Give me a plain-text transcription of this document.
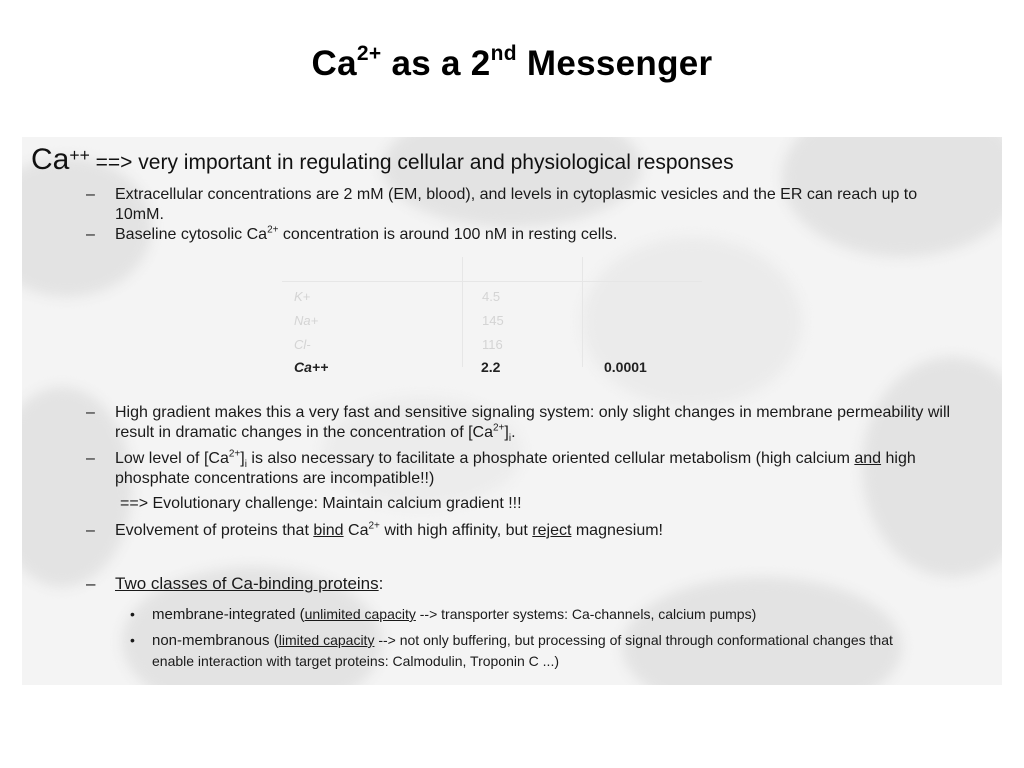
$Ca^{2+}$ as a 2nd Messenger
Ca++ ==> very important in regulating cellular and physiological responses
– Extracellular concentrations are 2 mM (EM, blood), and levels in cytoplasmic vesicles and the ER can reach up to 10mM.
– Baseline cytosolic $Ca^{2+}$ concentration is around 100 nM in resting cells.
K+	4.5
Na+	145
Cl-	116
Ca++	2.2	0.0001
– High gradient makes this a very fast and sensitive signaling system: only slight changes in membrane permeability will result in dramatic changes in the concentration of $[Ca^{2+}]_i$.
– Low level of $[Ca^{2+}]_i$ is also necessary to facilitate a phosphate oriented cellular metabolism (high calcium and high phosphate concentrations are incompatible!!)
==> Evolutionary challenge: Maintain calcium gradient !!!
– Evolvement of proteins that bind $Ca^{2+}$ with high affinity, but reject magnesium!
– Two classes of Ca-binding proteins:
• membrane-integrated (unlimited capacity --> transporter systems: Ca-channels, calcium pumps)
• non-membranous (limited capacity --> not only buffering, but processing of signal through conformational changes that enable interaction with target proteins: Calmodulin, Troponin C ...)
